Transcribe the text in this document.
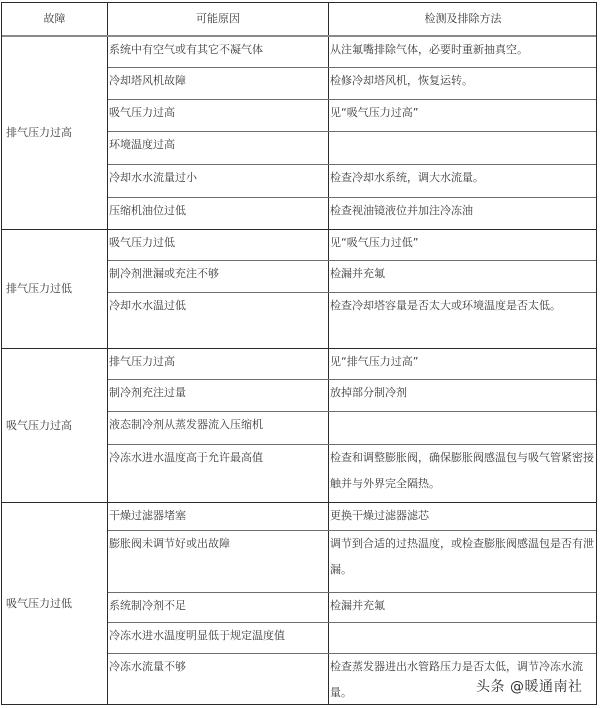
故障	可能原因	检测及排除方法
排气压力过高
系统中有空气或有其它不凝气体	从注氟嘴排除气体，必要时重新抽真空。
冷却塔风机故障	检修冷却塔风机，恢复运转。
吸气压力过高	见“吸气压力过高”
环境温度过高
冷却水水流量过小	检查冷却水系统，调大水流量。
压缩机油位过低	检查视油镜液位并加注冷冻油
排气压力过低
吸气压力过低	见“吸气压力过低”
制冷剂泄漏或充注不够	检漏并充氟
冷却水水温过低	检查冷却塔容量是否太大或环境温度是否太低。
吸气压力过高
排气压力过高	见“排气压力过高”
制冷剂充注过量	放掉部分制冷剂
液态制冷剂从蒸发器流入压缩机
冷冻水进水温度高于允许最高值	检查和调整膨胀阀，确保膨胀阀感温包与吸气管紧密接触并与外界完全隔热。
吸气压力过低
干燥过滤器堵塞	更换干燥过滤器滤芯
膨胀阀未调节好或出故障	调节到合适的过热温度，或检查膨胀阀感温包是否有泄漏。
系统制冷剂不足	检漏并充氟
冷冻水进水温度明显低于规定温度值
冷冻水流量不够	检查蒸发器进出水管路压力是否太低，调节冷冻水流量。	头条 @暖通南社
